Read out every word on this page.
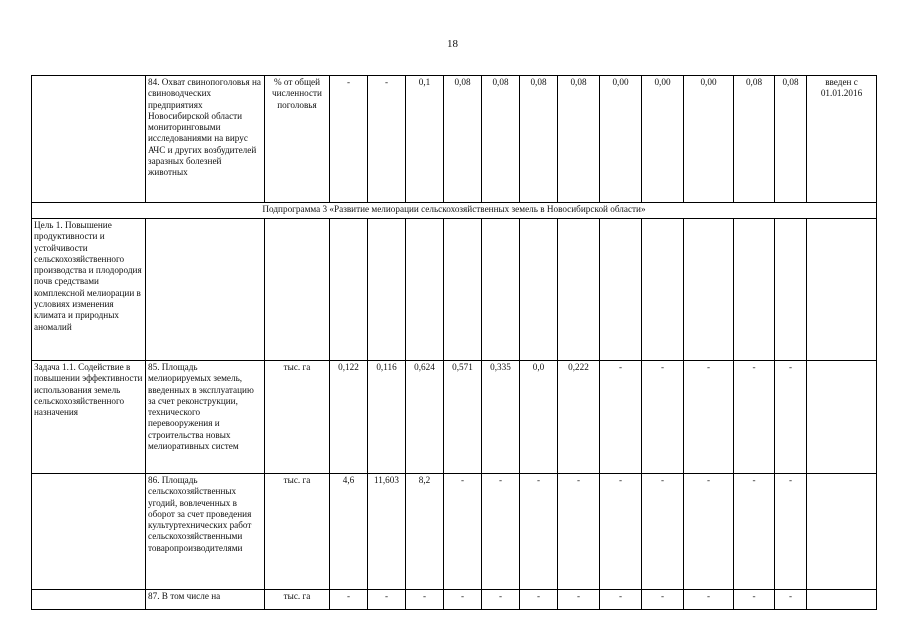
18
	84. Охват свинопоголовья на свиноводческих предприятиях Новосибирской области мониторинговыми исследованиями на вирус АЧС и других возбудителей заразных болезней животных	% от общей численности поголовья	-	-	0,1	0,08	0,08	0,08	0,08	0,00	0,00	0,00	0,08	0,08	введен с 01.01.2016
Подпрограмма 3 «Развитие мелиорации сельскохозяйственных земель в Новосибирской области»															
Цель 1. Повышение продуктивности и устойчивости сельскохозяйственного производства и плодородия почв средствами комплексной мелиорации в условиях изменения климата и природных аномалий															
Задача 1.1. Содействие в повышении эффективности использования земель сельскохозяйственного назначения	85. Площадь мелиорируемых земель, введенных в эксплуатацию за счет реконструкции, технического перевооружения и строительства новых мелиоративных систем	тыс. га	0,122	0,116	0,624	0,571	0,335	0,0	0,222	-	-	-	-	-	
	86. Площадь сельскохозяйственных угодий, вовлеченных в оборот за счет проведения культуртехнических работ сельскохозяйственными товаропроизводителями	тыс. га	4,6	11,603	8,2	-	-	-	-	-	-	-	-	-	
	87. В том числе на	тыс. га	-	-	-	-	-	-	-	-	-	-	-	-	
